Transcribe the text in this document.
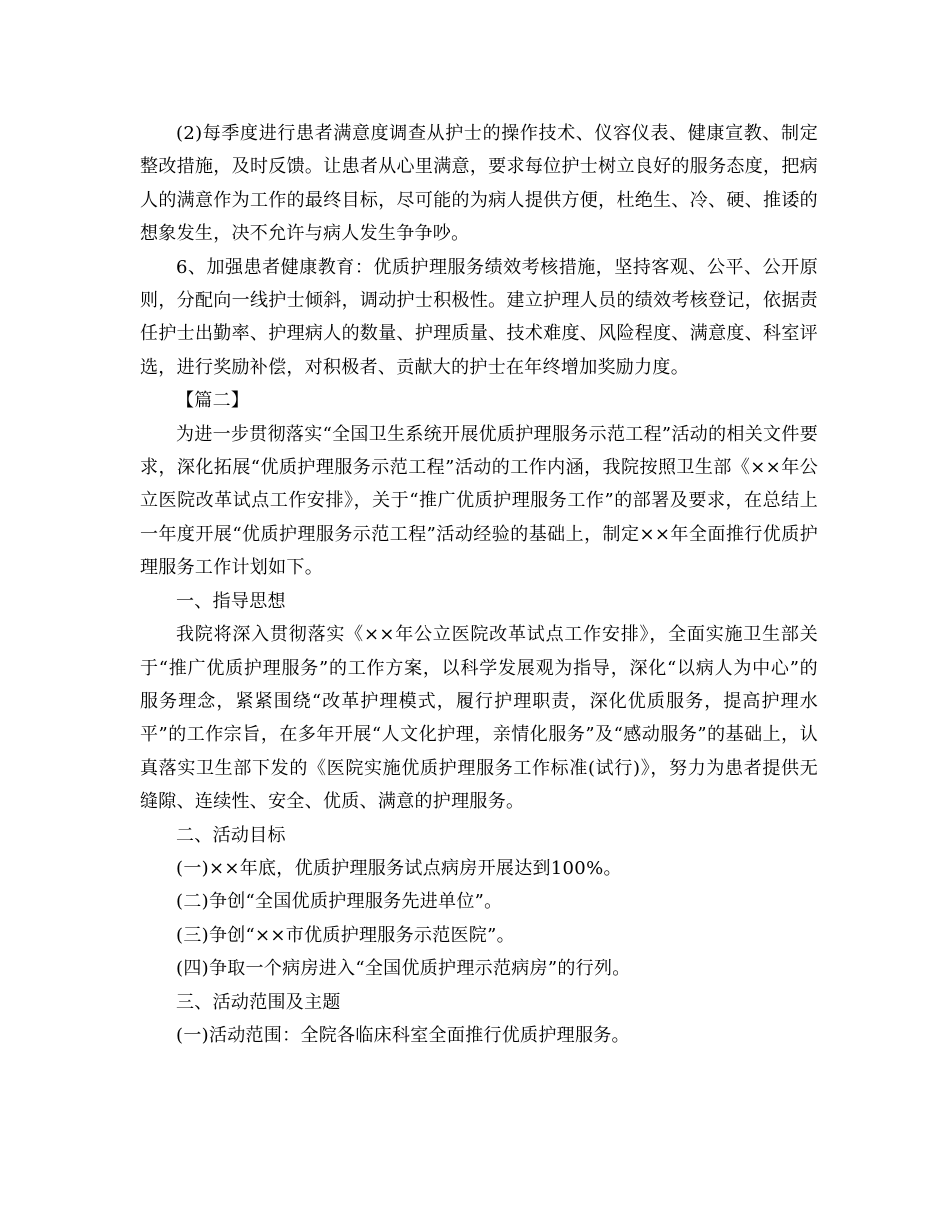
(2)每季度进行患者满意度调查从护士的操作技术、仪容仪表、健康宣教、制定整改措施，及时反馈。让患者从心里满意，要求每位护士树立良好的服务态度，把病人的满意作为工作的最终目标，尽可能的为病人提供方便，杜绝生、冷、硬、推诿的想象发生，决不允许与病人发生争争吵。

6、加强患者健康教育：优质护理服务绩效考核措施，坚持客观、公平、公开原则，分配向一线护士倾斜，调动护士积极性。建立护理人员的绩效考核登记，依据责任护士出勤率、护理病人的数量、护理质量、技术难度、风险程度、满意度、科室评选，进行奖励补偿，对积极者、贡献大的护士在年终增加奖励力度。

【篇二】

为进一步贯彻落实“全国卫生系统开展优质护理服务示范工程”活动的相关文件要求，深化拓展“优质护理服务示范工程”活动的工作内涵，我院按照卫生部《××年公立医院改革试点工作安排》，关于“推广优质护理服务工作”的部署及要求，在总结上一年度开展“优质护理服务示范工程”活动经验的基础上，制定××年全面推行优质护理服务工作计划如下。

一、指导思想

我院将深入贯彻落实《××年公立医院改革试点工作安排》，全面实施卫生部关于“推广优质护理服务”的工作方案，以科学发展观为指导，深化“以病人为中心”的服务理念，紧紧围绕“改革护理模式，履行护理职责，深化优质服务，提高护理水平”的工作宗旨，在多年开展“人文化护理，亲情化服务”及“感动服务”的基础上，认真落实卫生部下发的《医院实施优质护理服务工作标准(试行)》，努力为患者提供无缝隙、连续性、安全、优质、满意的护理服务。

二、活动目标

(一)××年底，优质护理服务试点病房开展达到100%。

(二)争创“全国优质护理服务先进单位”。

(三)争创“××市优质护理服务示范医院”。

(四)争取一个病房进入“全国优质护理示范病房”的行列。

三、活动范围及主题

(一)活动范围：全院各临床科室全面推行优质护理服务。
